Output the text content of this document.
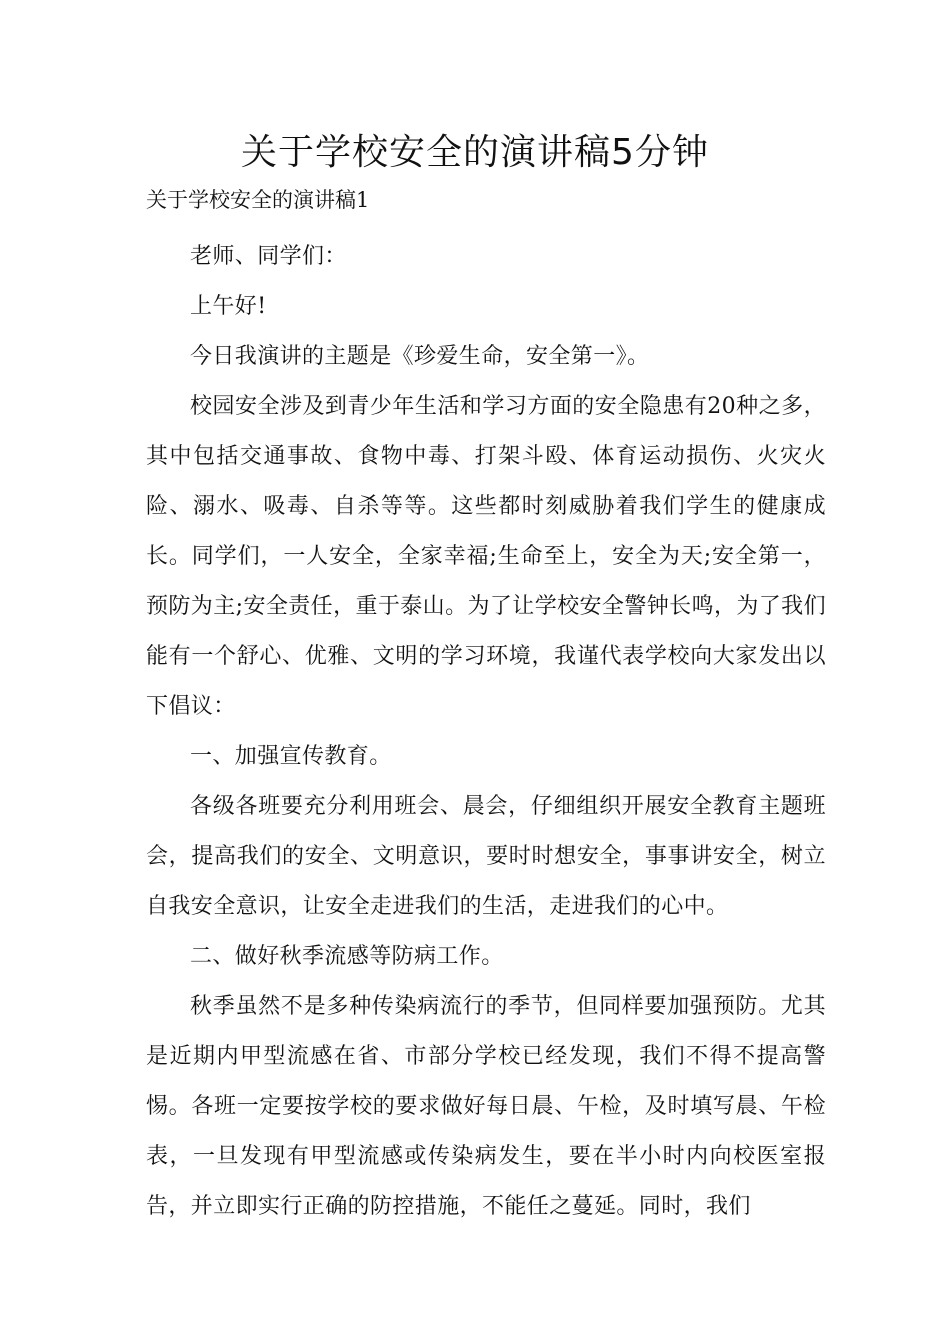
关于学校安全的演讲稿5分钟
关于学校安全的演讲稿1

老师、同学们：

上午好!

今日我演讲的主题是《珍爱生命，安全第一》。

校园安全涉及到青少年生活和学习方面的安全隐患有20种之多，其中包括交通事故、食物中毒、打架斗殴、体育运动损伤、火灾火险、溺水、吸毒、自杀等等。这些都时刻威胁着我们学生的健康成长。同学们，一人安全，全家幸福;生命至上，安全为天;安全第一，预防为主;安全责任，重于泰山。为了让学校安全警钟长鸣，为了我们能有一个舒心、优雅、文明的学习环境，我谨代表学校向大家发出以下倡议：

一、加强宣传教育。

各级各班要充分利用班会、晨会，仔细组织开展安全教育主题班会，提高我们的安全、文明意识，要时时想安全，事事讲安全，树立自我安全意识，让安全走进我们的生活，走进我们的心中。

二、做好秋季流感等防病工作。

秋季虽然不是多种传染病流行的季节，但同样要加强预防。尤其是近期内甲型流感在省、市部分学校已经发现，我们不得不提高警惕。各班一定要按学校的要求做好每日晨、午检，及时填写晨、午检表，一旦发现有甲型流感或传染病发生，要在半小时内向校医室报告，并立即实行正确的防控措施，不能任之蔓延。同时，我们
